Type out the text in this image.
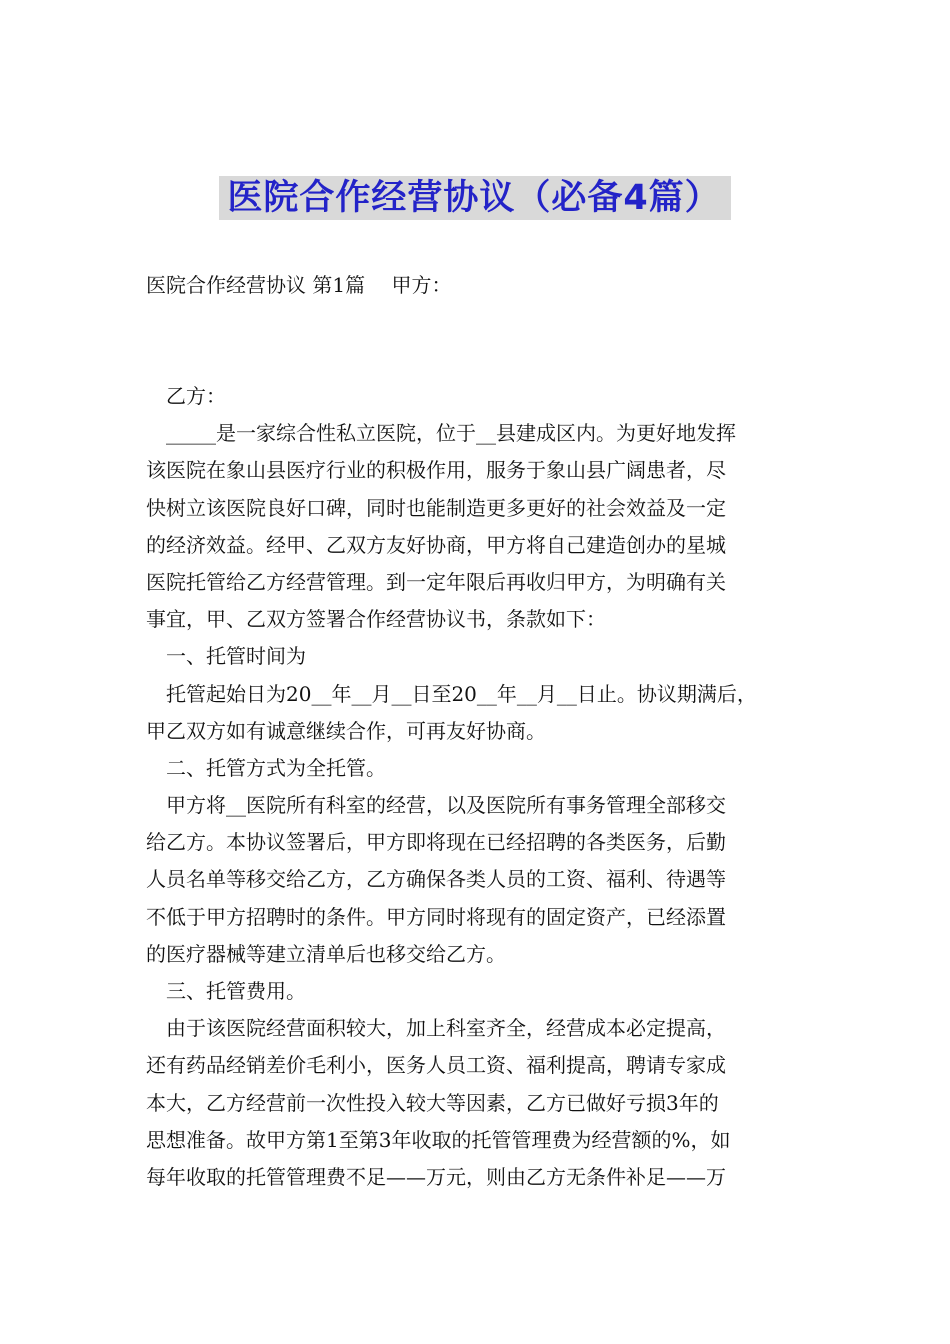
医院合作经营协议（必备4篇）
医院合作经营协议 第1篇　 甲方：
乙方：
_____是一家综合性私立医院，位于__县建成区内。为更好地发挥
该医院在象山县医疗行业的积极作用，服务于象山县广阔患者，尽
快树立该医院良好口碑，同时也能制造更多更好的社会效益及一定
的经济效益。经甲、乙双方友好协商，甲方将自己建造创办的星城
医院托管给乙方经营管理。到一定年限后再收归甲方，为明确有关
事宜，甲、乙双方签署合作经营协议书，条款如下：
一、托管时间为
托管起始日为20__年__月__日至20__年__月__日止。协议期满后，
甲乙双方如有诚意继续合作，可再友好协商。
二、托管方式为全托管。
甲方将__医院所有科室的经营，以及医院所有事务管理全部移交
给乙方。本协议签署后，甲方即将现在已经招聘的各类医务，后勤
人员名单等移交给乙方，乙方确保各类人员的工资、福利、待遇等
不低于甲方招聘时的条件。甲方同时将现有的固定资产，已经添置
的医疗器械等建立清单后也移交给乙方。
三、托管费用。
由于该医院经营面积较大，加上科室齐全，经营成本必定提高，
还有药品经销差价毛利小，医务人员工资、福利提高，聘请专家成
本大，乙方经营前一次性投入较大等因素，乙方已做好亏损3年的
思想准备。故甲方第1至第3年收取的托管管理费为经营额的%，如
每年收取的托管管理费不足——万元，则由乙方无条件补足——万
